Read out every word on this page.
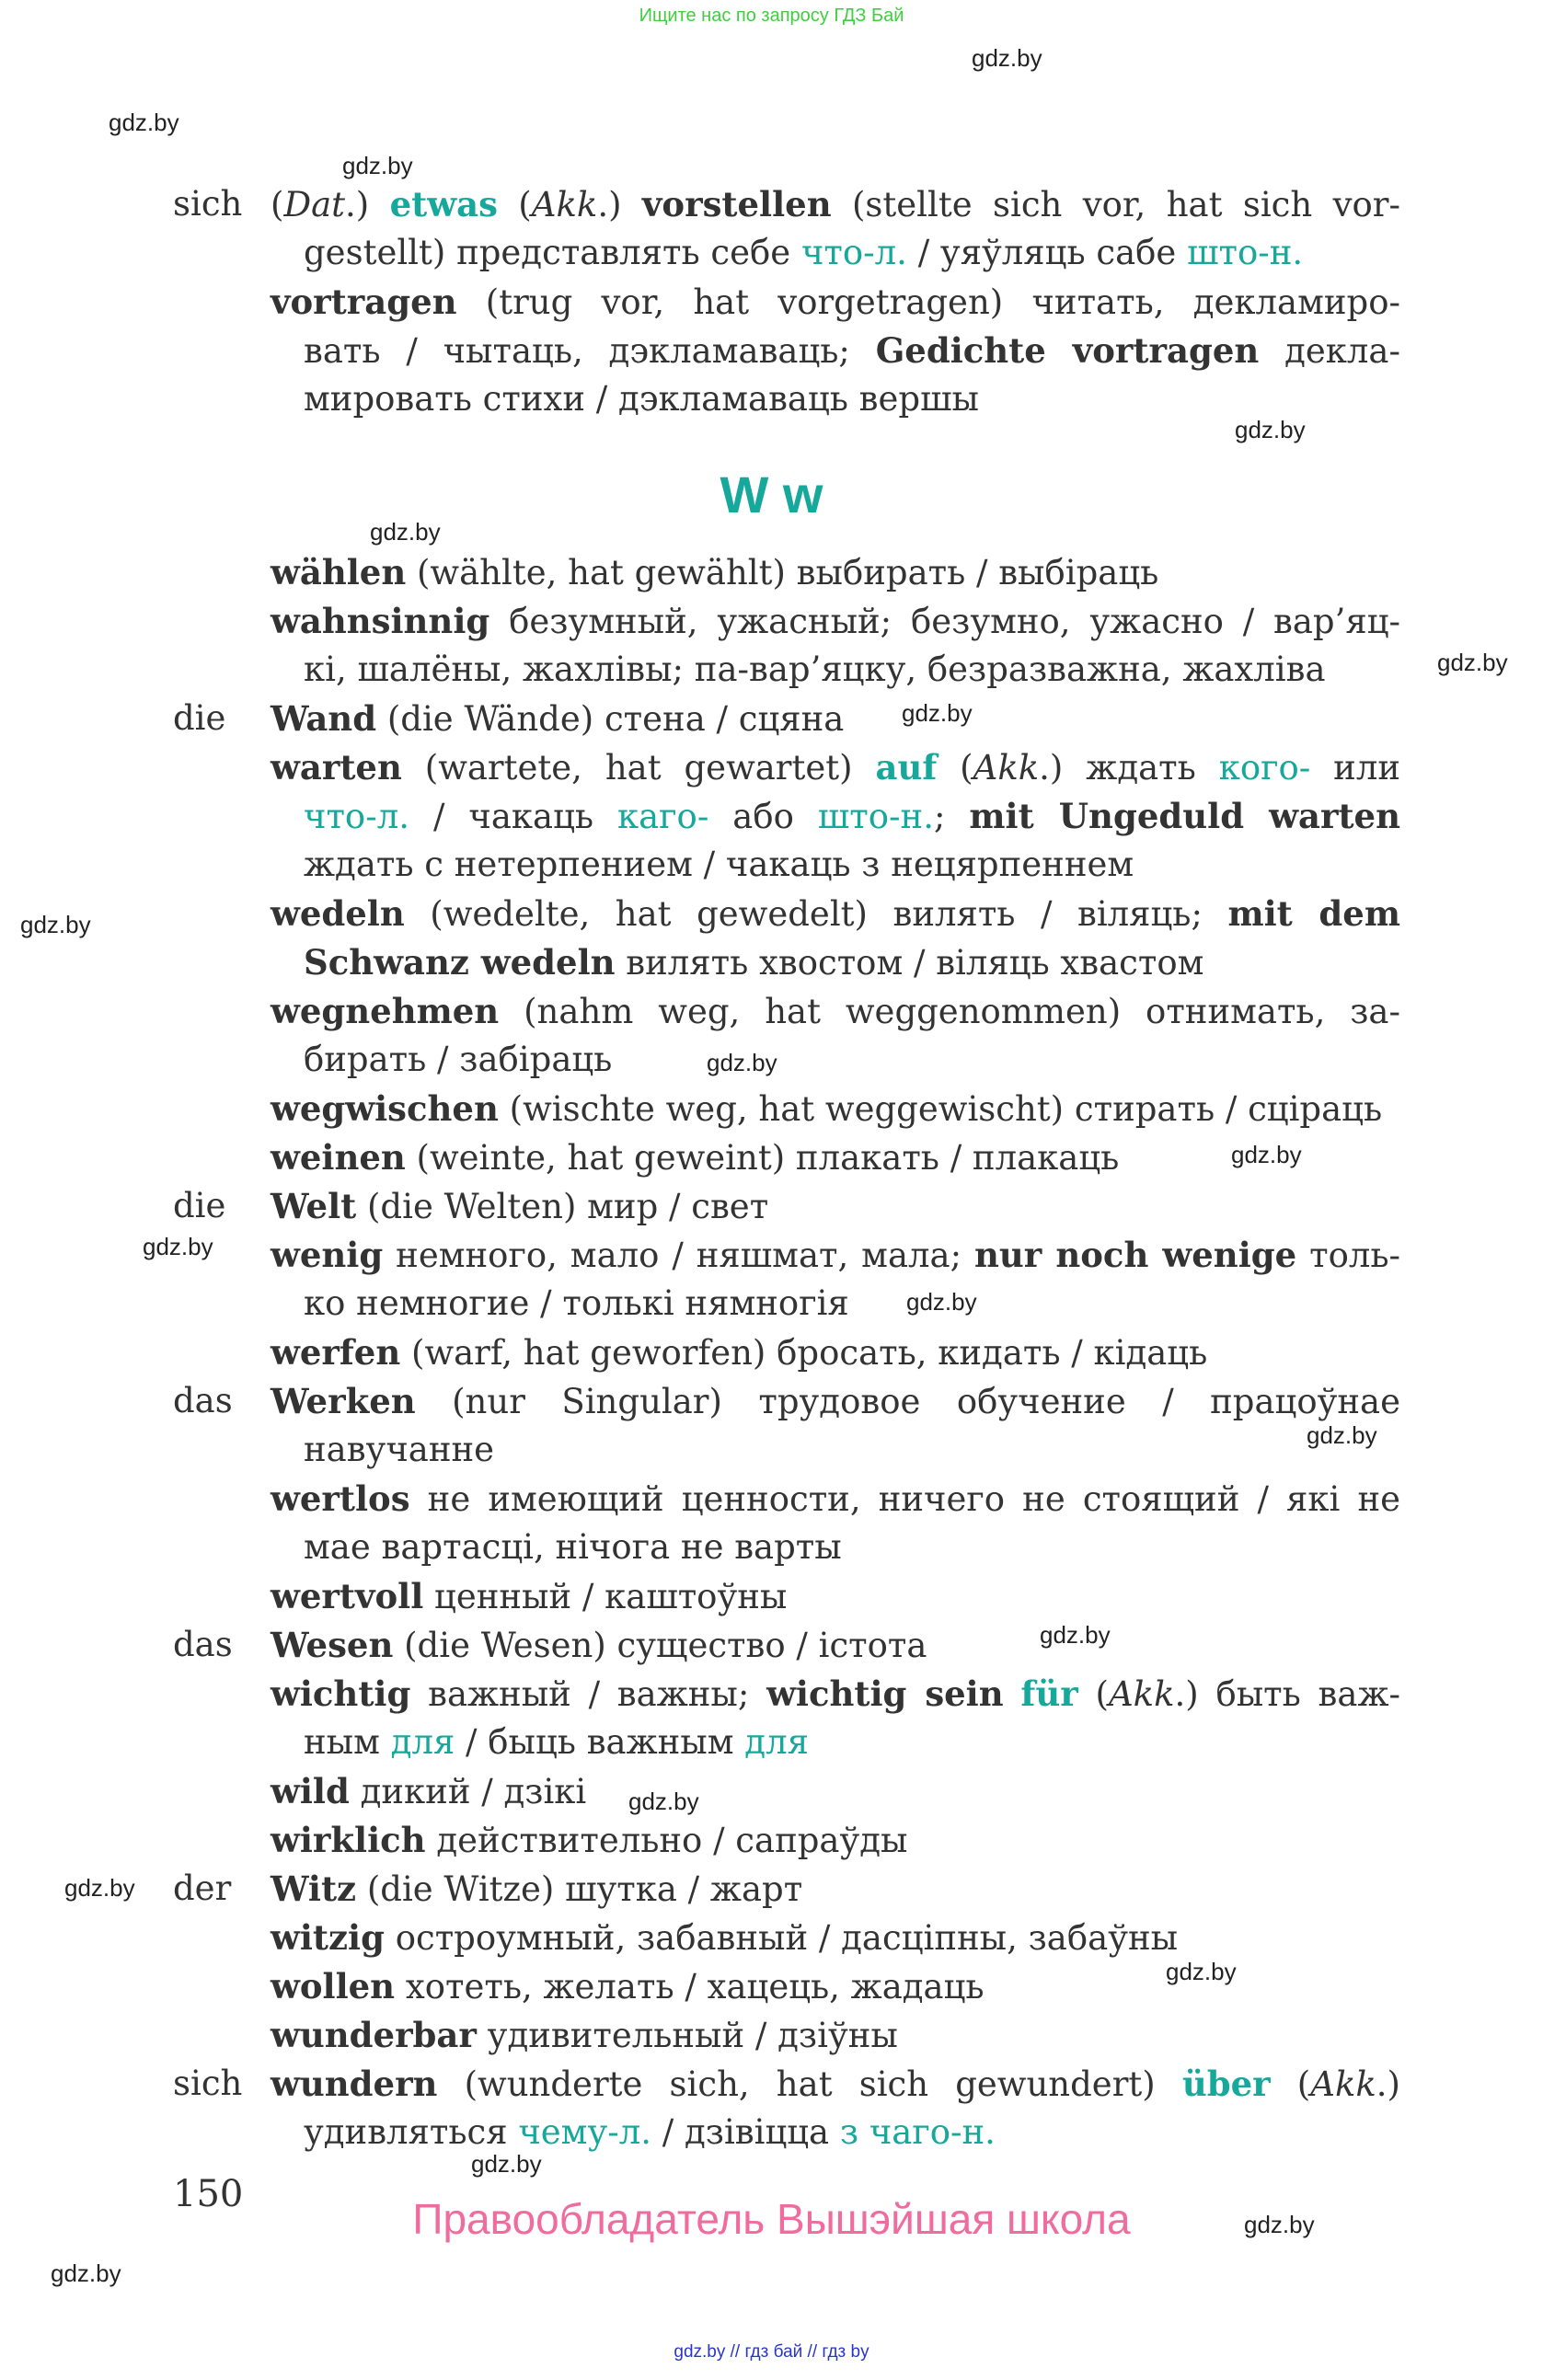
Ищите нас по запросу ГДЗ Бай
gdz.by
gdz.by
gdz.by
gdz.by
gdz.by
gdz.by
gdz.by
gdz.by
gdz.by
gdz.by
gdz.by
gdz.by
gdz.by
gdz.by
gdz.by
gdz.by
gdz.by
gdz.by
gdz.by
gdz.by
sich (Dat.) etwas (Akk.) vorstellen (stellte sich vor, hat sich vor-
gestellt) представлять себе что-л. / уяўляць сабе што-н.
vortragen (trug vor, hat vorgetragen) читать, декламиро-
вать / чытаць, дэкламаваць; Gedichte vortragen декла-
мировать стихи / дэкламаваць вершы
wählen (wählte, hat gewählt) выбирать / выбіраць
wahnsinnig безумный, ужасный; безумно, ужасно / вар’яц-
кі, шалёны, жахлівы; па-вар’яцку, безразважна, жахліва
die Wand (die Wände) стена / сцяна
warten (wartete, hat gewartet) auf (Akk.) ждать кого- или
что-л. / чакаць каго- або што-н.; mit Ungeduld warten
ждать с нетерпением / чакаць з нецярпеннем
wedeln (wedelte, hat gewedelt) вилять / віляць; mit dem
Schwanz wedeln вилять хвостом / віляць хвастом
wegnehmen (nahm weg, hat weggenommen) отнимать, за-
бирать / забіраць
wegwischen (wischte weg, hat weggewischt) стирать / сціраць
weinen (weinte, hat geweint) плакать / плакаць
die Welt (die Welten) мир / свет
wenig немного, мало / няшмат, мала; nur noch wenige толь-
ко немногие / толькі нямногія
werfen (warf, hat geworfen) бросать, кидать / кідаць
das Werken (nur Singular) трудовое обучение / працоўнае
навучанне
wertlos не имеющий ценности, ничего не стоящий / які не
мае вартасці, нічога не варты
wertvoll ценный / каштоўны
das Wesen (die Wesen) существо / істота
wichtig важный / важны; wichtig sein für (Akk.) быть важ-
ным для / быць важным для
wild дикий / дзікі
wirklich действительно / сапраўды
der Witz (die Witze) шутка / жарт
witzig остроумный, забавный / дасціпны, забаўны
wollen хотеть, желать / хацець, жадаць
wunderbar удивительный / дзіўны
sich wundern (wunderte sich, hat sich gewundert) über (Akk.)
удивляться чему-л. / дзівіцца з чаго-н.
W w
150
Правообладатель Вышэйшая школа
gdz.by // гдз бай // гдз by
